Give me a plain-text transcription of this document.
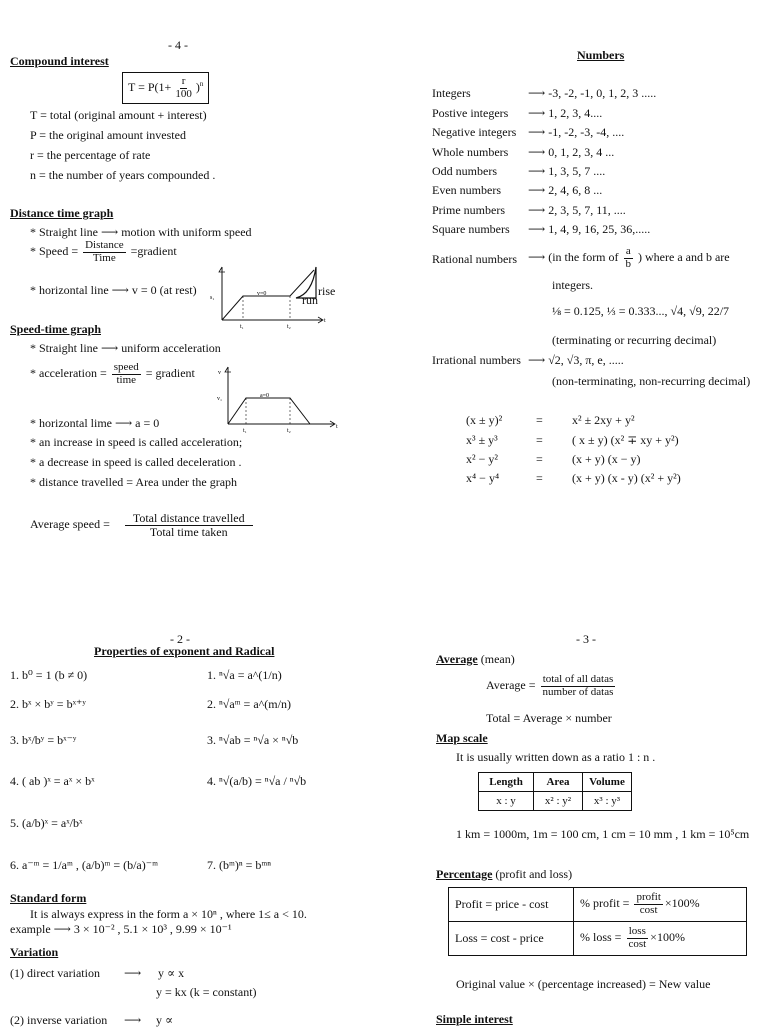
- 4 -
Compound interest
$T = P(1+ \frac{r}{100} )^n$
T = total (original amount + interest)
P = the original amount invested
r = the percentage of rate
n = the number of years compounded .
Distance time graph
* Straight line ⟶ motion with uniform speed
* Speed = $\frac{\text{Distance}}{\text{Time}}$ =gradient
* horizontal line ⟶ v = 0 (at rest)
s₁
v=0
t₁	t₂
t
rise
run
Speed-time graph
* Straight line ⟶ uniform acceleration
* acceleration = $\frac{\text{speed}}{\text{time}}$ = gradient	v
v₁	a=0
t₁	t₂
t
* horizontal lime ⟶ a = 0
* an increase in speed is called acceleration;
* a decrease in speed is called deceleration .
* distance travelled = Area under the graph
Average speed = $\frac{\text{Total distance travelled}}{\text{Total time taken}}$
Numbers
Integers	⟶ -3, -2, -1, 0, 1, 2, 3 .....
Postive integers ⟶ 1, 2, 3, 4....
Negative integers ⟶ -1, -2, -3, -4, ....
Whole numbers ⟶ 0, 1, 2, 3, 4 ...
Odd numbers	⟶ 1, 3, 5, 7 ....
Even numbers ⟶ 2, 4, 6, 8 ...
Prime numbers ⟶ 2, 3, 5, 7, 11, ....
Square numbers ⟶ 1, 4, 9, 16, 25, 36,.....
Rational numbers ⟶ (in the form of $\frac{a}{b}$ ) where a and b are
integers.
⅛ = 0.125, ⅓ = 0.333..., √4, √9, 22/7
(terminating or recurring decimal)
Irrational numbers ⟶ √2, √3, π, e, .....
(non-terminating, non-recurring decimal)
(x ± y)²	= x² ± 2xy + y²
x³ ± y³	= ( x ± y) (x² ∓ xy + y²)
x² − y²	= (x + y) (x − y)
x⁴ − y⁴	= (x + y) (x - y) (x² + y²)
- 2 -
Properties of exponent and Radical
1. b⁰ = 1 (b ≠ 0)
2. bˣ × bʸ = bˣ⁺ʸ
3. bˣ/bʸ = bˣ⁻ʸ
4. ( ab )ˣ = aˣ × bˣ
5. (a/b)ˣ = aˣ/bˣ
6. a⁻ᵐ = 1/aᵐ , (a/b)ᵐ = (b/a)⁻ᵐ
1. ⁿ√a = a^(1/n)
2. ⁿ√aᵐ = a^(m/n)
3. ⁿ√ab = ⁿ√a × ⁿ√b
4. ⁿ√(a/b) = ⁿ√a / ⁿ√b
7. (bᵐ)ⁿ = bᵐⁿ
Standard form
It is always express in the form a × 10ⁿ , where 1≤ a < 10.
example ⟶ 3 × 10⁻² , 5.1 × 10³ , 9.99 × 10⁻¹
Variation
(1) direct variation ⟶ y ∝ x
y = kx (k = constant)
(2) inverse variation ⟶ y ∝
- 3 -
Average (mean)
Average = $\frac{\text{total of all datas}}{\text{number of datas}}$
Total = Average × number
Map scale
It is usually written down as a ratio 1 : n .
Length	Area	Volume
x : y	x² : y²	x³ : y³
1 km = 1000m, 1m = 100 cm, 1 cm = 10 mm , 1 km = 10⁵cm
Percentage (profit and loss)
Profit = price - cost	% profit = $\frac{\text{profit}}{\cos t} \times 100\%$
Loss = cost - price	% loss = $\frac{\text{loss}}{\cos t} \times 100\%$
Original value × (percentage increased) = New value
Simple interest
